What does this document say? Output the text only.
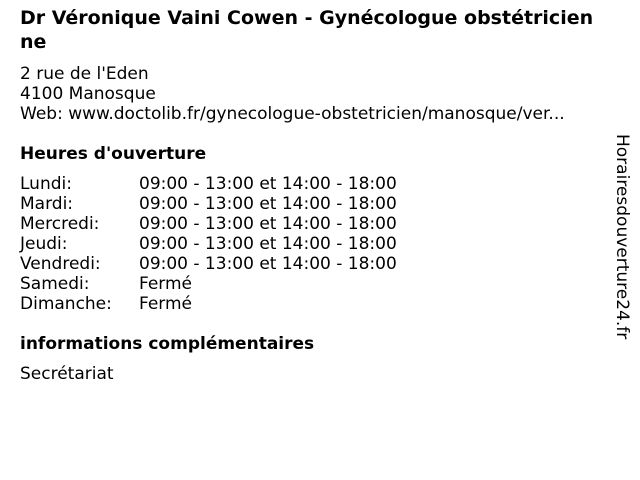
Dr Véronique Vaini Cowen - Gynécologue obstétricienne
2 rue de l'Eden
4100 Manosque
Web: www.doctolib.fr/gynecologue-obstetricien/manosque/ver...
Heures d'ouverture
Lundi:	09:00 - 13:00 et 14:00 - 18:00
Mardi:	09:00 - 13:00 et 14:00 - 18:00
Mercredi: 09:00 - 13:00 et 14:00 - 18:00
Jeudi:	09:00 - 13:00 et 14:00 - 18:00
Vendredi: 09:00 - 13:00 et 14:00 - 18:00
Samedi:	Fermé
Dimanche: Fermé
informations complémentaires
Secrétariat
Horairesdouverture24.fr
